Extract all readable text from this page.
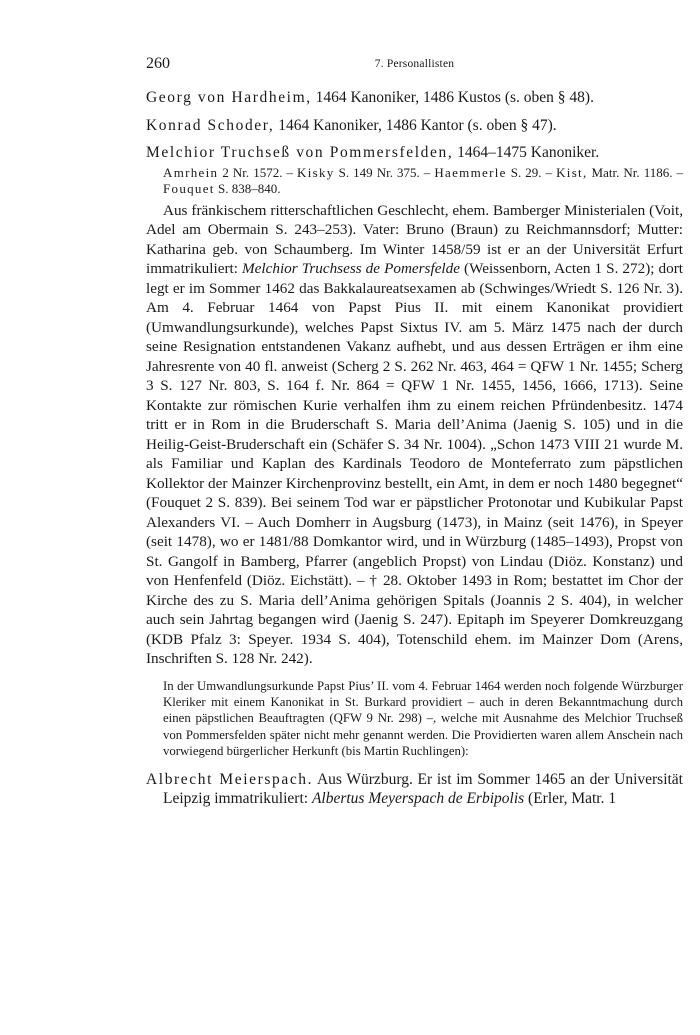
260	7. Personallisten

Georg von Hardheim, 1464 Kanoniker, 1486 Kustos (s. oben § 48).

Konrad Schoder, 1464 Kanoniker, 1486 Kantor (s. oben § 47).

Melchior Truchseß von Pommersfelden, 1464–1475 Kanoniker.

Amrhein 2 Nr. 1572. – Kisky S. 149 Nr. 375. – Haemmerle S. 29. – Kist, Matr. Nr. 1186. – Fouquet S. 838–840.

Aus fränkischem ritterschaftlichen Geschlecht, ehem. Bamberger Ministerialen (Voit, Adel am Obermain S. 243–253). Vater: Bruno (Braun) zu Reichmannsdorf; Mutter: Katharina geb. von Schaumberg. Im Winter 1458/59 ist er an der Universität Erfurt immatrikuliert: Melchior Truchsess de Pomersfelde (Weissenborn, Acten 1 S. 272); dort legt er im Sommer 1462 das Bakkalaureatsexamen ab (Schwinges/Wriedt S. 126 Nr. 3). Am 4. Februar 1464 von Papst Pius II. mit einem Kanonikat providiert (Umwandlungsurkunde), welches Papst Sixtus IV. am 5. März 1475 nach der durch seine Resignation entstandenen Vakanz aufhebt, und aus dessen Erträgen er ihm eine Jahresrente von 40 fl. anweist (Scherg 2 S. 262 Nr. 463, 464 = QFW 1 Nr. 1455; Scherg 3 S. 127 Nr. 803, S. 164 f. Nr. 864 = QFW 1 Nr. 1455, 1456, 1666, 1713). Seine Kontakte zur römischen Kurie verhalfen ihm zu einem reichen Pfründenbesitz. 1474 tritt er in Rom in die Bruderschaft S. Maria dell’Anima (Jaenig S. 105) und in die Heilig-Geist-Bruderschaft ein (Schäfer S. 34 Nr. 1004). „Schon 1473 VIII 21 wurde M. als Familiar und Kaplan des Kardinals Teodoro de Monteferrato zum päpstlichen Kollektor der Mainzer Kirchenprovinz bestellt, ein Amt, in dem er noch 1480 begegnet“ (Fouquet 2 S. 839). Bei seinem Tod war er päpstlicher Protonotar und Kubikular Papst Alexanders VI. – Auch Domherr in Augsburg (1473), in Mainz (seit 1476), in Speyer (seit 1478), wo er 1481/88 Domkantor wird, und in Würzburg (1485–1493), Propst von St. Gangolf in Bamberg, Pfarrer (angeblich Propst) von Lindau (Diöz. Konstanz) und von Henfenfeld (Diöz. Eichstätt). – † 28. Oktober 1493 in Rom; bestattet im Chor der Kirche des zu S. Maria dell’Anima gehörigen Spitals (Joannis 2 S. 404), in welcher auch sein Jahrtag begangen wird (Jaenig S. 247). Epitaph im Speyerer Domkreuzgang (KDB Pfalz 3: Speyer. 1934 S. 404), Totenschild ehem. im Mainzer Dom (Arens, Inschriften S. 128 Nr. 242).

In der Umwandlungsurkunde Papst Pius’ II. vom 4. Februar 1464 werden noch folgende Würzburger Kleriker mit einem Kanonikat in St. Burkard providiert – auch in deren Bekanntmachung durch einen päpstlichen Beauftragten (QFW 9 Nr. 298) –, welche mit Ausnahme des Melchior Truchseß von Pommersfelden später nicht mehr genannt werden. Die Providierten waren allem Anschein nach vorwiegend bürgerlicher Herkunft (bis Martin Ruchlingen):

Albrecht Meierspach. Aus Würzburg. Er ist im Sommer 1465 an der Universität Leipzig immatrikuliert: Albertus Meyerspach de Erbipolis (Erler, Matr. 1
